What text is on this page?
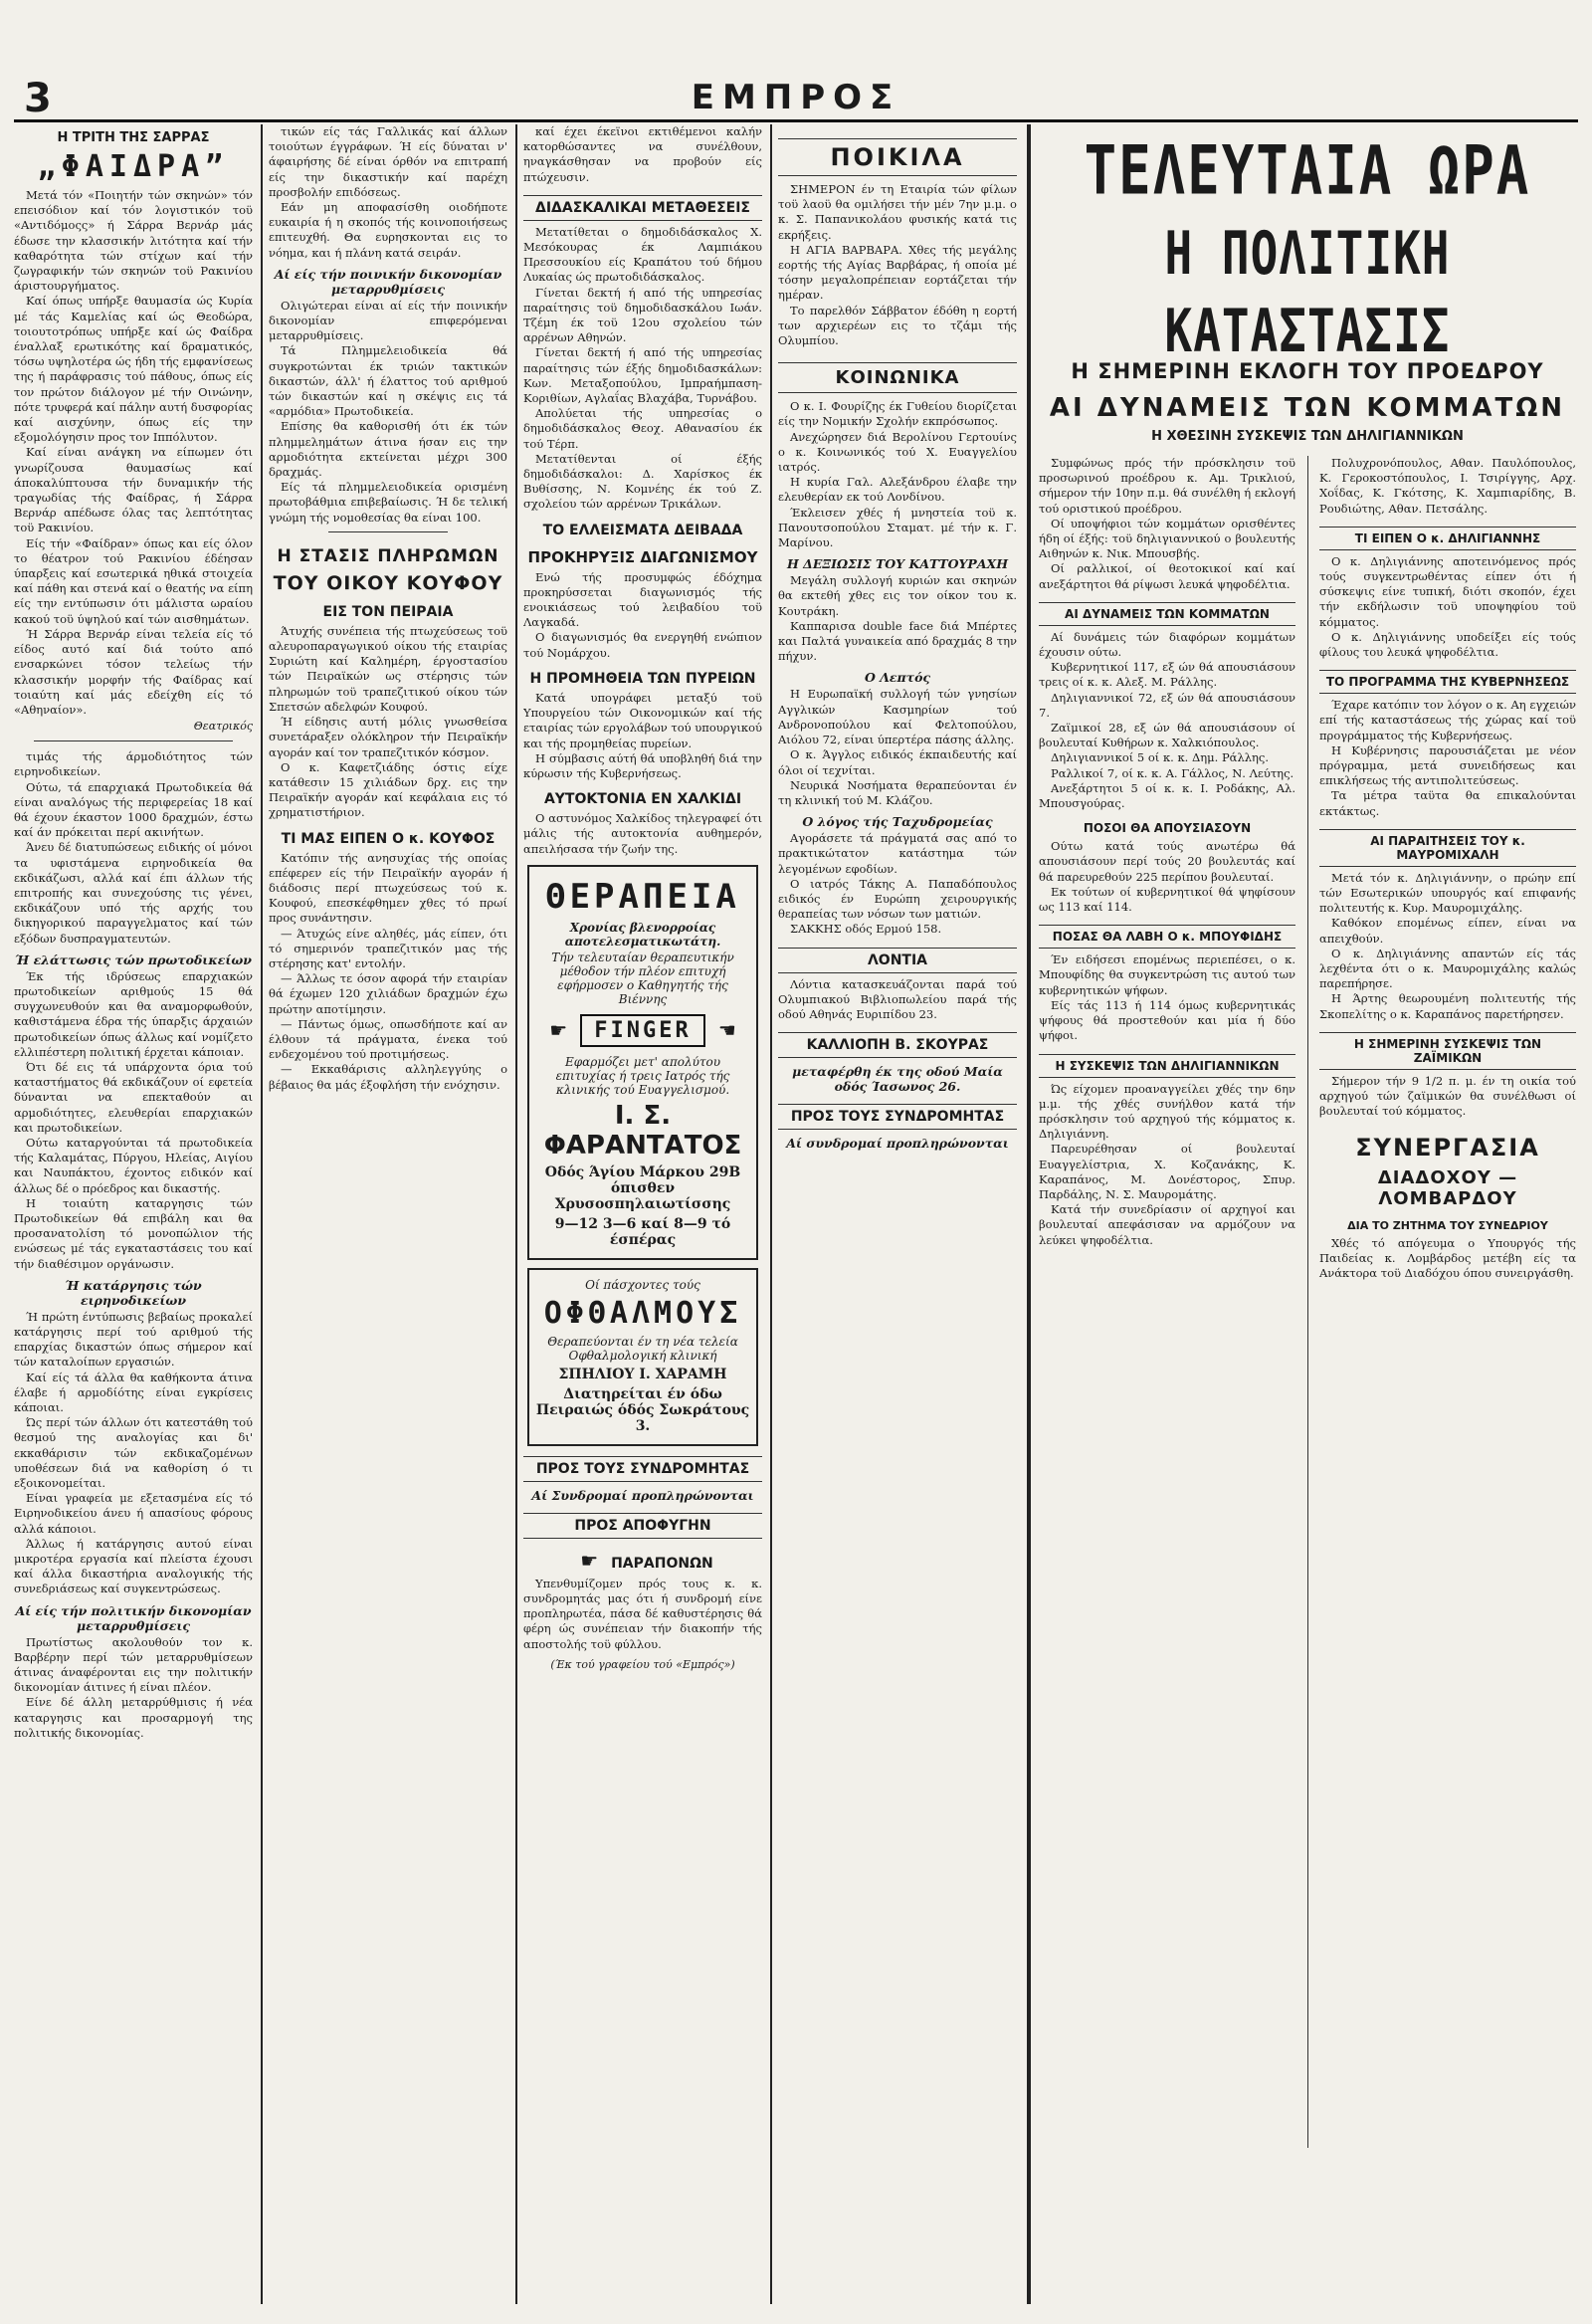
3	ΕΜΠΡΟΣ
Η ΤΡΙΤΗ ΤΗΣ ΣΑΡΡΑΣ
„ΦΑΙΔΡΑ”

Μετά τόν «Ποιητήν τών σκηνών» τόν επεισόδιον καί τόν λογιστικόν τοϋ «Αντιδόμοςς» ή Σάρρα Βερνάρ μάς έδωσε την κλασσικήν λιτότητα καί τήν καθαρότητα τών στίχων καί τήν ζωγραφικήν τών σκηνών τοϋ Ρακινίου άριστουργήματος.

Καί όπως υπήρξε θαυμασία ώς Κυρία μέ τάς Καμελίας καί ώς Θεοδώρα, τοιουτοτρόπως υπήρξε καί ώς Φαίδρα έναλλαξ ερωτικότης καί δραματικός, τόσω υψηλοτέρα ώς ήδη τής εμφανίσεως της ή παράφρασις τού πάθους, όπως είς τον πρώτον διάλογον μέ τήν Οινώνην, πότε τρυφερά καί πάλην αυτή δυσφορίας καί αισχύνην, όπως είς την εξομολόγησιν προς τον Ιππόλυτον.

Καί είναι ανάγκη να είπωμεν ότι γνωρίζουσα θαυμασίως καί άποκαλύπτουσα τήν δυναμικήν τής τραγωδίας τής Φαίδρας, ή Σάρρα Βερνάρ απέδωσε όλας τας λεπτότητας τοϋ Ρακινίου.

Είς τήν «Φαίδραν» όπως και είς όλον το θέατρον τού Ρακινίου έδέησαν ύπαρξεις καί εσωτερικά ηθικά στοιχεία καί πάθη και στενά καί ο θεατής να είπη είς την εντύπωσιν ότι μάλιστα ωραίου κακού τοϋ ύψηλού καί τών αισθημάτων.

Ή Σάρρα Βερνάρ είναι τελεία είς τό είδος αυτό καί διά τούτο από ενσαρκώνει τόσον τελείως τήν κλασσικήν μορφήν τής Φαίδρας καί τοιαύτη καί μάς εδείχθη είς τό «Αθηναίον».

Θεατρικός

τιμάς τής άρμοδιότητος τών ειρηνοδικείων.

Ούτω, τά επαρχιακά Πρωτοδικεία θά είναι αναλόγως τής περιφερείας 18 καί θά έχουν έκαστον 1000 δραχμών, έστω καί άν πρόκειται περί ακινήτων.

Άνευ δέ διατυπώσεως ειδικής οί μόνοι τα υφιστάμενα ειρηνοδικεία θα εκδικάζωσι, αλλά καί έπι άλλων τής επιτροπής και συνεχούσης τις γένει, εκδικάζουν υπό τής αρχής του δικηγορικού παραγγελματος καί τών εξόδων δυσπραγματευτών.

Ή ελάττωσις τών πρωτοδικείων

Έκ τής ιδρύσεως επαρχιακών πρωτοδικείων αριθμούς 15 θά συγχωνευθούν και θα αναμορφωθούν, καθιστάμενα έδρα τής ύπαρξις άρχαιών πρωτοδικείων όπως άλλως καί νομίζετο ελλιπέστερη πολιτική έρχεται κάποιαν.

Ότι δέ εις τά υπάρχοντα όρια τού καταστήματος θά εκδικάζουν οί εφετεία δύνανται να επεκταθούν αι αρμοδιότητες, ελευθερίαι επαρχιακών και πρωτοδικείων.

Ούτω καταργούνται τά πρωτοδικεία τής Καλαμάτας, Πύργου, Ηλείας, Αιγίου και Ναυπάκτου, έχοντος ειδικόν καί άλλως δέ ο πρόεδρος και δικαστής.

Η τοιαύτη καταργησις τών Πρωτοδικείων θά επιβάλη και θα προσανατολίση τό μονοπώλιον τής ενώσεως μέ τάς εγκαταστάσεις του καί τήν διαθέσιμον οργάνωσιν.

Ή κατάργησις τών ειρηνοδικείων

Ή πρώτη έντύπωσις βεβαίως προκαλεί κατάργησις περί τού αριθμού τής επαρχίας δικαστών όπως σήμερον καί τών καταλοίπων εργασιών.

Καί είς τά άλλα θα καθήκοντα άτινα έλαβε ή αρμοδίότης είναι εγκρίσεις κάποιαι.

Ώς περί τών άλλων ότι κατεστάθη τού θεσμού της αναλογίας και δι' εκκαθάρισιν τών εκδικαζομένων υποθέσεων διά να καθορίση ό τι εξοικονομείται.

Είναι γραφεία με εξετασμένα είς τό Ειρηνοδικείου άνευ ή απασίους φόρους αλλά κάποιοι.

Άλλως ή κατάργησις αυτού είναι μικροτέρα εργασία καί πλείστα έχουσι καί άλλα δικαστήρια αναλογικής τής συνεδριάσεως καί συγκεντρώσεως.

Αί είς τήν πολιτικήν δικονομίαν μεταρρυθμίσεις

Πρωτίστως ακολουθούν τον κ. Βαρβέρην περί τών μεταρρυθμίσεων άτινας άναφέρονται εις την πολιτικήν δικονομίαν άιτινες ή είναι πλέον.

Είνε δέ άλλη μεταρρύθμισις ή νέα καταργησις και προσαρμογή της πολιτικής δικονομίας.

τικών είς τάς Γαλλικάς καί άλλων τοιούτων έγγράφων. Ή είς δύναται ν' άφαιρήσης δέ είναι όρθόν να επιτραπή είς την δικαστικήν καί παρέχη προσβολήν επιδόσεως.

Εάν μη αποφασίσθη οιοδήποτε ευκαιρία ή η σκοπός τής κοινοποιήσεως επιτευχθή. Θα ευρησκονται εις το νόημα, και ή πλάνη κατά σειράν.

Αί είς τήν ποινικήν δικονομίαν μεταρρυθμίσεις

Ολιγώτεραι είναι αί είς τήν ποινικήν δικονομίαν επιφερόμεναι μεταρρυθμίσεις.

Τά Πλημμελειοδικεία θά συγκροτώνται έκ τριών τακτικών δικαστών, άλλ' ή έλαττος τού αριθμού τών δικαστών καί η σκέψις εις τά «αρμόδια» Πρωτοδικεία.

Επίσης θα καθορισθή ότι έκ τών πλημμελημάτων άτινα ήσαν εις την αρμοδιότητα εκτείνεται μέχρι 300 δραχμάς.

Είς τά πλημμελειοδικεία ορισμένη πρωτοβάθμια επιβεβαίωσις. Ή δε τελική γνώμη τής νομοθεσίας θα είναι 100.

Η ΣΤΑΣΙΣ ΠΛΗΡΩΜΩΝ
ΤΟΥ ΟΙΚΟΥ ΚΟΥΦΟΥ
ΕΙΣ ΤΟΝ ΠΕΙΡΑΙΑ

Άτυχής συνέπεια τής πτωχεύσεως τοϋ αλευροπαραγωγικού οίκου τής εταιρίας Συριώτη καί Καλημέρη, έργοστασίου τών Πειραϊκών ως στέρησις τών πληρωμών τοϋ τραπεζιτικού οίκου τών Σπετσών αδελφών Κουφού.

Ή είδησις αυτή μόλις γνωσθείσα συνετάραξεν ολόκληρον τήν Πειραϊκήν αγοράν καί τον τραπεζιτικόν κόσμον.

Ο κ. Καφετζιάδης όστις είχε κατάθεσιν 15 χιλιάδων δρχ. εις την Πειραϊκήν αγοράν καί κεφάλαια εις τό χρηματιστήριον.

ΤΙ ΜΑΣ ΕΙΠΕΝ Ο κ. ΚΟΥΦΟΣ

Κατόπιν τής ανησυχίας τής οποίας επέφερεν είς τήν Πειραϊκήν αγοράν ή διάδοσις περί πτωχεύσεως τού κ. Κουφού, επεσκέφθημεν χθες τό πρωί προς συνάντησιν.

— Άτυχώς είνε αληθές, μάς είπεν, ότι τό σημερινόν τραπεζιτικόν μας τής στέρησης κατ' εντολήν.

— Άλλως τε όσον αφορά τήν εταιρίαν θά έχωμεν 120 χιλιάδων δραχμών έχω πρώτην αποτίμησιν.

— Πάντως όμως, οπωσδήποτε καί αν έλθουν τά πράγματα, ένεκα τού ενδεχομένου τού προτιμήσεως.

— Εκκαθάρισις αλληλεγγύης ο βέβαιος θα μάς έξοφλήση τήν ενόχησιν.

καί έχει έκεϊνοι εκτιθέμενοι καλήν κατορθώσαντες να συνέλθουν, ηναγκάσθησαν να προβούν είς πτώχευσιν.

ΔΙΔΑΣΚΑΛΙΚΑΙ ΜΕΤΑΘΕΣΕΙΣ

Μετατίθεται ο δημοδιδάσκαλος Χ. Μεσόκουρας έκ Λαμπιάκου Πρεσσουκίου είς Κραπάτου τού δήμου Λυκαίας ώς πρωτοδιδάσκαλος.

Γίνεται δεκτή ή από τής υπηρεσίας παραίτησις τοϋ δημοδιδασκάλου Ιωάν. Τζέμη έκ τοϋ 12ου σχολείου τών αρρένων Αθηνών.

Γίνεται δεκτή ή από τής υπηρεσίας παραίτησις τών έξής δημοδιδασκάλων: Κων. Μεταξοπούλου, Ιμπραήμπαση-Κοριθίων, Αγλαΐας Βλαχάβα, Τυρνάβου.

Απολύεται τής υπηρεσίας ο δημοδιδάσκαλος Θεοχ. Αθανασίου έκ τού Τέρπ.

Μετατίθενται οί έξής δημοδιδάσκαλοι: Δ. Χαρίσκος έκ Βυθίσσης, Ν. Κομνέης έκ τού Ζ. σχολείου τών αρρένων Τρικάλων.

ΤΟ ΕΛΛΕΙΣΜΑΤΑ ΔΕΙΒΑΔΑ
ΠΡΟΚΗΡΥΞΙΣ ΔΙΑΓΩΝΙΣΜΟΥ

Ενώ τής προσυμφώς έδόχημα προκηρύσσεται διαγωνισμός τής ενοικιάσεως τού λειβαδίου τοϋ Λαγκαδά.

Ο διαγωνισμός θα ενεργηθή ενώπιον τού Νομάρχου.

Η ΠΡΟΜΗΘΕΙΑ ΤΩΝ ΠΥΡΕΙΩΝ

Κατά υπογράφει μεταξύ τοϋ Υπουργείου τών Οικονομικών καί τής εταιρίας τών εργολάβων τού υπουργικού και τής προμηθείας πυρείων.

Η σύμβασις αύτή θά υποβληθή διά την κύρωσιν τής Κυβερνήσεως.

ΑΥΤΟΚΤΟΝΙΑ ΕΝ ΧΑΛΚΙΔΙ

Ο αστυνόμος Χαλκίδος τηλεγραφεί ότι μάλις τής αυτοκτονία αυθημερόν, απειλήσασα τήν ζωήν της.

ΘΕΡΑΠΕΙΑ
Χρονίας βλενορροίας αποτελεσματικωτάτη.
Τήν τελευταίαν θεραπευτικήν μέθοδον τήν πλέον επιτυχή εφήρμοσεν ο Καθηγητής τής Βιέννης
☛ FINGER ☚
Εφαρμόζει μετ' απολύτου επιτυχίας ή τρεις Ιατρός τής κλινικής τού Ευαγγελισμού.
Ι. Σ. ΦΑΡΑΝΤΑΤΟΣ
Οδός Άγίου Μάρκου 29Β όπισθεν Χρυσοσπηλαιωτίσσης
9—12 3—6 καί 8—9 τό έσπέρας
Οί πάσχοντες τούς
ΟΦΘΑΛΜΟΥΣ
Θεραπεύονται έν τη νέα τελεία Οφθαλμολογική κλινική
ΣΠΗΛΙΟΥ Ι. ΧΑΡΑΜΗ
Διατηρείται έν όδω Πειραιώς όδός Σωκράτους 3.
ΠΡΟΣ ΤΟΥΣ ΣΥΝΔΡΟΜΗΤΑΣ
Αί Συνδρομαί προπληρώνονται
ΠΡΟΣ ΑΠΟΦΥΓΗΝ
☛ ΠΑΡΑΠΟΝΩΝ

Υπενθυμίζομεν πρός τους κ. κ. συνδρομητάς μας ότι ή συνδρομή είνε προπληρωτέα, πάσα δέ καθυστέρησις θά φέρη ώς συνέπειαν τήν διακοπήν τής αποστολής τοϋ φύλλου.

(Έκ τού γραφείου τού «Εμπρός»)
ΠΟΙΚΙΛΑ

ΣΗΜΕΡΟΝ έν τη Εταιρία τών φίλων τοϋ λαοϋ θα ομιλήσει τήν μέν 7ην μ.μ. ο κ. Σ. Παπανικολάου φυσικής κατά τις εκρήξεις.

Η ΑΓΙΑ ΒΑΡΒΑΡΑ. Χθες τής μεγάλης εορτής τής Αγίας Βαρβάρας, ή οποία μέ τόσην μεγαλοπρέπειαν εορτάζεται τήν ημέραν.

Το παρελθόν Σάββατον έδόθη η εορτή των αρχιερέων εις το τζάμι τής Ολυμπίου.

ΚΟΙΝΩΝΙΚΑ

Ο κ. Ι. Φουρίζης έκ Γυθείου διορίζεται είς την Νομικήν Σχολήν εκπρόσωπος.

Ανεχώρησεν διά Βερολίνου Γερτουίνς ο κ. Κοινωνικός τού Χ. Ευαγγελίου ιατρός.

Η κυρία Γαλ. Αλεξάνδρου έλαβε την ελευθερίαν εκ τού Λονδίνου.

Έκλεισεν χθές ή μνηστεία τοϋ κ. Πανουτσοπούλου Σταματ. μέ τήν κ. Γ. Μαρίνου.

Η ΔΕΞΙΩΣΙΣ ΤΟΥ ΚΑΤΤΟΥΡΑΧΗ

Μεγάλη συλλογή κυριών και σκηνών θα εκτεθή χθες εις τον οίκον του κ. Κουτράκη.

Καππαρισα double face διά Μπέρτες και Παλτά γυναικεία από δραχμάς 8 την πήχυν.

Ο Λεπτός

Η Ευρωπαϊκή συλλογή τών γνησίων Αγγλικών Κασμηρίων τού Ανδρονοπούλου καί Φελτοπούλου, Αιόλου 72, είναι ύπερτέρα πάσης άλλης.

Ο κ. Άγγλος ειδικός έκπαιδευτής καί όλοι οί τεχνίται.

Νευρικά Νοσήματα θεραπεύονται έν τη κλινική τού Μ. Κλάζου.

Ο λόγος τής Ταχυδρομείας

Αγοράσετε τά πράγματά σας από το πρακτικώτατον κατάστημα τών λεγομένων εφοδίων.

Ο ιατρός Τάκης Α. Παπαδόπουλος ειδικός έν Ευρώπη χειρουργικής θεραπείας των νόσων των ματιών.

ΣΑΚΚΗΣ οδός Ερμού 158.

ΛΟΝΤΙΑ

Λόντια κατασκευάζονται παρά τού Ολυμπιακού Βιβλιοπωλείου παρά τής οδού Αθηνάς Ευριπίδου 23.

ΚΑΛΛΙΟΠΗ Β. ΣΚΟΥΡΑΣ
μεταφέρθη έκ της οδού Μαία οδός Ίασωνος 26.
ΠΡΟΣ ΤΟΥΣ ΣΥΝΔΡΟΜΗΤΑΣ
Αί συνδρομαί προπληρώνονται
ΤΕΛΕΥΤΑΙΑ ΩΡΑ
Η ΠΟΛΙΤΙΚΗ ΚΑΤΑΣΤΑΣΙΣ
Η ΣΗΜΕΡΙΝΗ ΕΚΛΟΓΗ ΤΟΥ ΠΡΟΕΔΡΟΥ
ΑΙ ΔΥΝΑΜΕΙΣ ΤΩΝ ΚΟΜΜΑΤΩΝ
Η ΧΘΕΣΙΝΗ ΣΥΣΚΕΨΙΣ ΤΩΝ ΔΗΛΙΓΙΑΝΝΙΚΩΝ

Συμφώνως πρός τήν πρόσκλησιν τοϋ προσωρινού προέδρου κ. Αμ. Τρικλιού, σήμερον τήν 10ην π.μ. θά συνέλθη ή εκλογή τού οριστικού προέδρου.

Οί υποψήφιοι τών κομμάτων ορισθέντες ήδη οί έξής: τοϋ δηλιγιαννικού ο βουλευτής Αιθηνών κ. Νικ. Μπουσβής.

Οί ραλλικοί, οί θεοτοκικοί καί καί ανεξάρτητοι θά ρίψωσι λευκά ψηφοδέλτια.

ΑΙ ΔΥΝΑΜΕΙΣ ΤΩΝ ΚΟΜΜΑΤΩΝ

Αί δυνάμεις τών διαφόρων κομμάτων έχουσιν ούτω.

Κυβερνητικοί 117, εξ ών θά απουσιάσουν τρεις οί κ. κ. Αλεξ. Μ. Ράλλης.

Δηλιγιαννικοί 72, εξ ών θά απουσιάσουν 7.

Ζαϊμικοί 28, εξ ών θά απουσιάσουν οί βουλευταί Κυθήρων κ. Χαλκιόπουλος.

Δηλιγιαννικοί 5 οί κ. κ. Δημ. Ράλλης.

Ραλλικοί 7, οί κ. κ. Α. Γάλλος, Ν. Λεύτης.

Ανεξάρτητοι 5 οί κ. κ. Ι. Ροδάκης, Αλ. Μπουσγούρας.

ΠΟΣΟΙ ΘΑ ΑΠΟΥΣΙΑΣΟΥΝ

Ούτω κατά τούς ανωτέρω θά απουσιάσουν περί τούς 20 βουλευτάς καί θά παρευρεθούν 225 περίπου βουλευταί.

Εκ τούτων οί κυβερνητικοί θά ψηφίσουν ως 113 καί 114.

ΠΟΣΑΣ ΘΑ ΛΑΒΗ Ο κ. ΜΠΟΥΦΙΔΗΣ

Έν ειδήσεσι επομένως περιεπέσει, ο κ. Μπουφίδης θα συγκεντρώση τις αυτού των κυβερνητικών ψήφων.

Είς τάς 113 ή 114 όμως κυβερνητικάς ψήφους θά προστεθούν και μία ή δύο ψήφοι.

Η ΣΥΣΚΕΨΙΣ ΤΩΝ ΔΗΛΙΓΙΑΝΝΙΚΩΝ

Ώς είχομεν προαναγγείλει χθές την 6ην μ.μ. τής χθές συνήλθον κατά τήν πρόσκλησιν τού αρχηγού τής κόμματος κ. Δηλιγιάννη.

Παρευρέθησαν οί βουλευταί Ευαγγελίστρια, Χ. Κοζανάκης, Κ. Καραπάνος, Μ. Δονέστορος, Σπυρ. Παρδάλης, Ν. Σ. Μαυρομάτης.

Κατά τήν συνεδρίασιν οί αρχηγοί και βουλευταί απεφάσισαν να αρμόζουν να λεύκει ψηφοδέλτια.

Πολυχρονόπουλος, Αθαν. Παυλόπουλος, Κ. Γεροκοστόπουλος, Ι. Τσιρίγγης, Αρχ. Χοΐδας, Κ. Γκότσης, Κ. Χαμπιαρίδης, Β. Ρουδιώτης, Αθαν. Πετσάλης.

ΤΙ ΕΙΠΕΝ Ο κ. ΔΗΛΙΓΙΑΝΝΗΣ

Ο κ. Δηλιγιάννης αποτεινόμενος πρός τούς συγκεντρωθέντας είπεν ότι ή σύσκεψις είνε τυπική, διότι σκοπόν, έχει τήν εκδήλωσιν τοϋ υποψηφίου τοϋ κόμματος.

Ο κ. Δηλιγιάννης υποδείξει είς τούς φίλους του λευκά ψηφοδέλτια.

ΤΟ ΠΡΟΓΡΑΜΜΑ ΤΗΣ ΚΥΒΕΡΝΗΣΕΩΣ

Έχαρε κατόπιν τον λόγον ο κ. Αη εγχειών επί τής καταστάσεως τής χώρας καί τοϋ προγράμματος τής Κυβερνήσεως.

Η Κυβέρνησις παρουσιάζεται με νέον πρόγραμμα, μετά συνειδήσεως και επικλήσεως τής αντιπολιτεύσεως.

Τα μέτρα ταϋτα θα επικαλούνται εκτάκτως.

ΑΙ ΠΑΡΑΙΤΗΣΕΙΣ ΤΟΥ κ. ΜΑΥΡΟΜΙΧΑΛΗ

Μετά τόν κ. Δηλιγιάννην, ο πρώην επί τών Εσωτερικών υπουργός καί επιφανής πολιτευτής κ. Κυρ. Μαυρομιχάλης.

Καθόκον επομένως είπεν, είναι να απειχθούν.

Ο κ. Δηλιγιάννης απαντών είς τάς λεχθέντα ότι ο κ. Μαυρομιχάλης καλώς παρεπήρησε.

Η Άρτης θεωρουμένη πολιτευτής τής Σκοπελίτης ο κ. Καραπάνος παρετήρησεν.

Η ΣΗΜΕΡΙΝΗ ΣΥΣΚΕΨΙΣ ΤΩΝ ΖΑΪΜΙΚΩΝ

Σήμερον τήν 9 1/2 π. μ. έν τη οικία τού αρχηγού τών ζαϊμικών θα συνέλθωσι οί βουλευταί τού κόμματος.

ΣΥΝΕΡΓΑΣΙΑ
ΔΙΑΔΟΧΟΥ — ΛΟΜΒΑΡΔΟΥ
ΔΙΑ ΤΟ ΖΗΤΗΜΑ ΤΟΥ ΣΥΝΕΔΡΙΟΥ

Χθές τό απόγευμα ο Υπουργός τής Παιδείας κ. Λομβάρδος μετέβη είς τα Ανάκτορα τοϋ Διαδόχου όπου συνειργάσθη.
